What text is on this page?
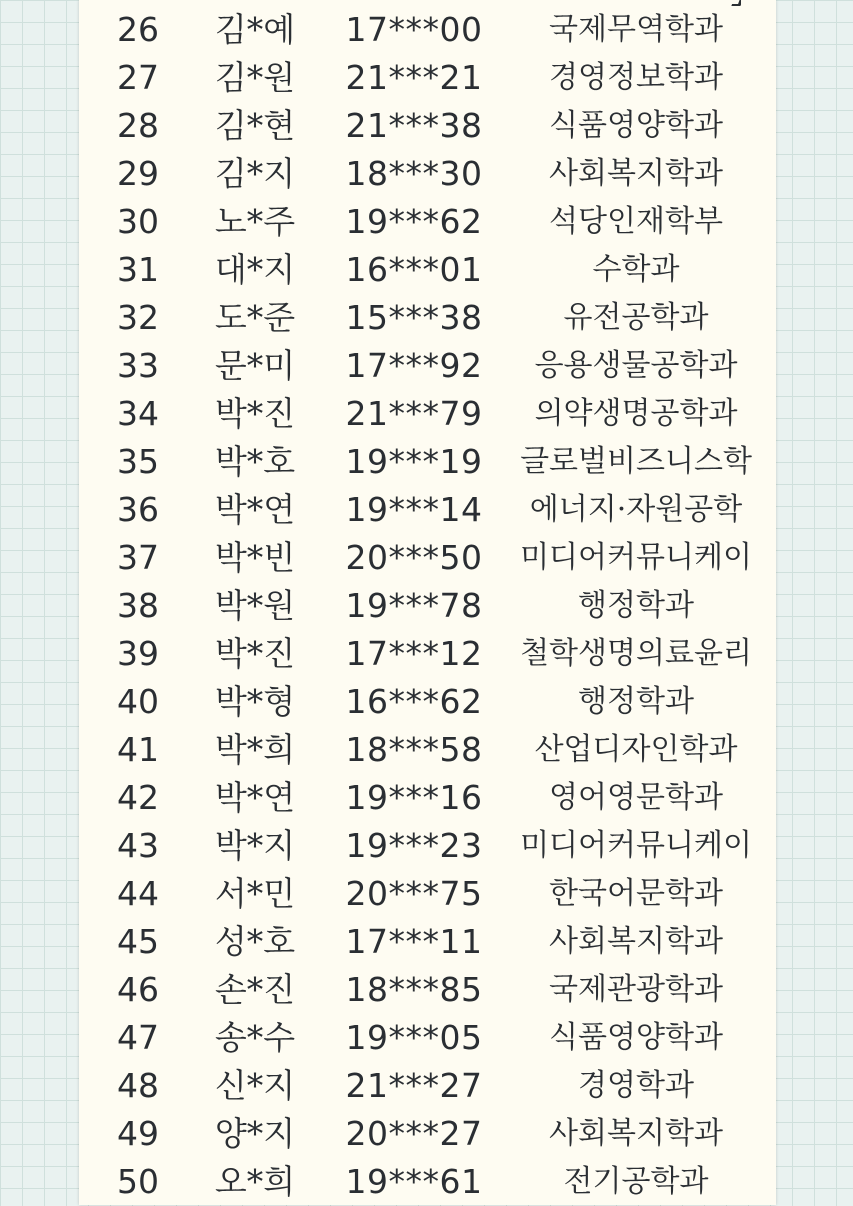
26	김*예	17***00	국제무역학과
27	김*원	21***21	경영정보학과
28	김*현	21***38	식품영양학과
29	김*지	18***30	사회복지학과
30	노*주	19***62	석당인재학부
31	대*지	16***01	수학과
32	도*준	15***38	유전공학과
33	문*미	17***92	응용생물공학과
34	박*진	21***79	의약생명공학과
35	박*호	19***19	글로벌비즈니스학
36	박*연	19***14	에너지·자원공학
37	박*빈	20***50	미디어커뮤니케이
38	박*원	19***78	행정학과
39	박*진	17***12	철학생명의료윤리
40	박*형	16***62	행정학과
41	박*희	18***58	산업디자인학과
42	박*연	19***16	영어영문학과
43	박*지	19***23	미디어커뮤니케이
44	서*민	20***75	한국어문학과
45	성*호	17***11	사회복지학과
46	손*진	18***85	국제관광학과
47	송*수	19***05	식품영양학과
48	신*지	21***27	경영학과
49	양*지	20***27	사회복지학과
50	오*희	19***61	전기공학과
